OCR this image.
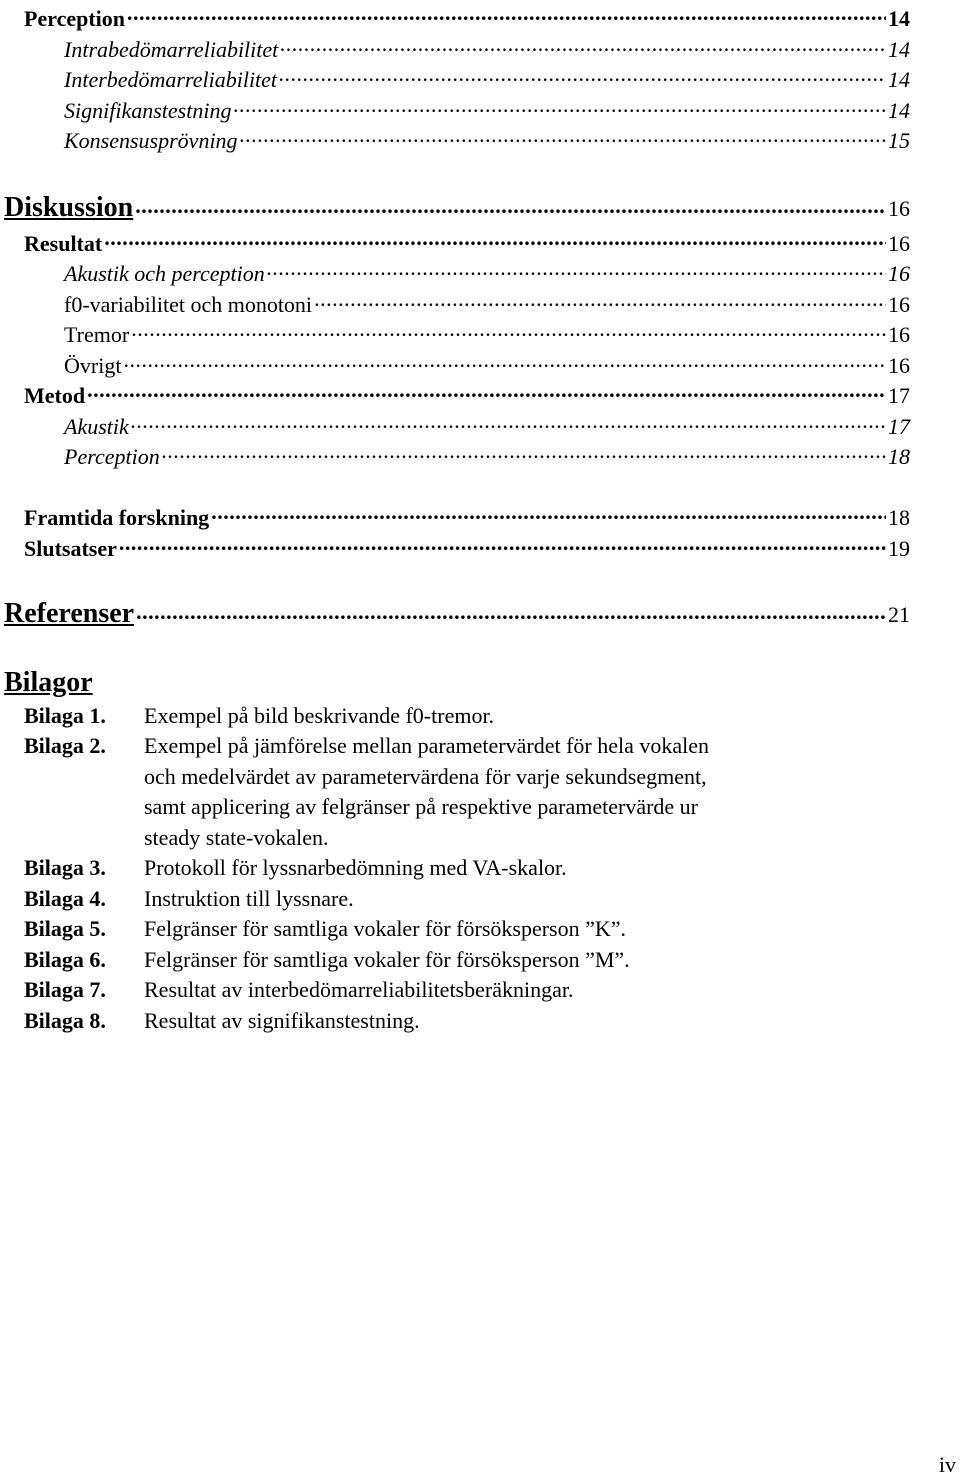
Perception .....	14
Intrabedömarreliabilitet .....	14
Interbedömarreliabilitet .....	14
Signifikanstestning .....	14
Konsensusprövning .....	15
Diskussion .....	16
Resultat .....	16
Akustik och perception .....	16
f0-variabilitet och monotoni .....	16
Tremor .....	16
Övrigt .....	16
Metod .....	17
Akustik .....	17
Perception .....	18
Framtida forskning .....	18
Slutsatser .....	19
Referenser .....	21
Bilagor
Bilaga 1. Exempel på bild beskrivande f0-tremor.
Bilaga 2. Exempel på jämförelse mellan parametervärdet för hela vokalen och medelvärdet av parametervärdena för varje sekundsegment, samt applicering av felgränser på respektive parametervärde ur steady state-vokalen.
Bilaga 3. Protokoll för lyssnarbedömning med VA-skalor.
Bilaga 4. Instruktion till lyssnare.
Bilaga 5. Felgränser för samtliga vokaler för försöksperson ”K”.
Bilaga 6. Felgränser för samtliga vokaler för försöksperson ”M”.
Bilaga 7. Resultat av interbedömarreliabilitetsberäkningar.
Bilaga 8. Resultat av signifikanstestning.
iv
